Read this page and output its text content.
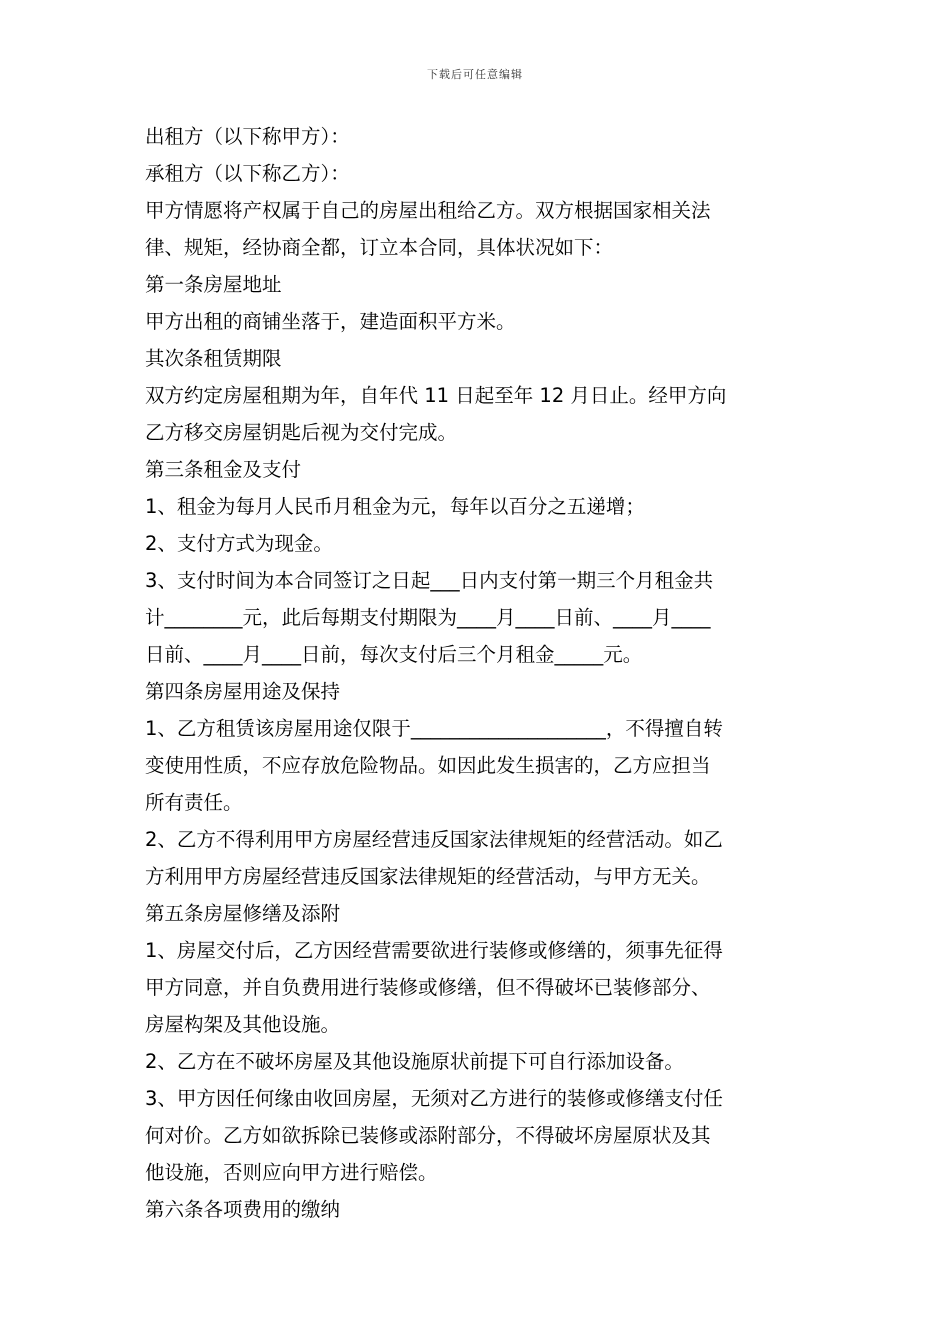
下载后可任意编辑
出租方（以下称甲方）：
承租方（以下称乙方）：
甲方情愿将产权属于自己的房屋出租给乙方。双方根据国家相关法
律、规矩，经协商全都，订立本合同，具体状况如下：
第一条房屋地址
甲方出租的商铺坐落于，建造面积平方米。
其次条租赁期限
双方约定房屋租期为年，自年代 11 日起至年 12 月日止。经甲方向
乙方移交房屋钥匙后视为交付完成。
第三条租金及支付
1、租金为每月人民币月租金为元，每年以百分之五递增；
2、支付方式为现金。
3、支付时间为本合同签订之日起___日内支付第一期三个月租金共
计________元，此后每期支付期限为____月____日前、____月____
日前、____月____日前，每次支付后三个月租金_____元。
第四条房屋用途及保持
1、乙方租赁该房屋用途仅限于____________________，不得擅自转
变使用性质，不应存放危险物品。如因此发生损害的，乙方应担当
所有责任。
2、乙方不得利用甲方房屋经营违反国家法律规矩的经营活动。如乙
方利用甲方房屋经营违反国家法律规矩的经营活动，与甲方无关。
第五条房屋修缮及添附
1、房屋交付后，乙方因经营需要欲进行装修或修缮的，须事先征得
甲方同意，并自负费用进行装修或修缮，但不得破坏已装修部分、
房屋构架及其他设施。
2、乙方在不破坏房屋及其他设施原状前提下可自行添加设备。
3、甲方因任何缘由收回房屋，无须对乙方进行的装修或修缮支付任
何对价。乙方如欲拆除已装修或添附部分，不得破坏房屋原状及其
他设施，否则应向甲方进行赔偿。
第六条各项费用的缴纳
